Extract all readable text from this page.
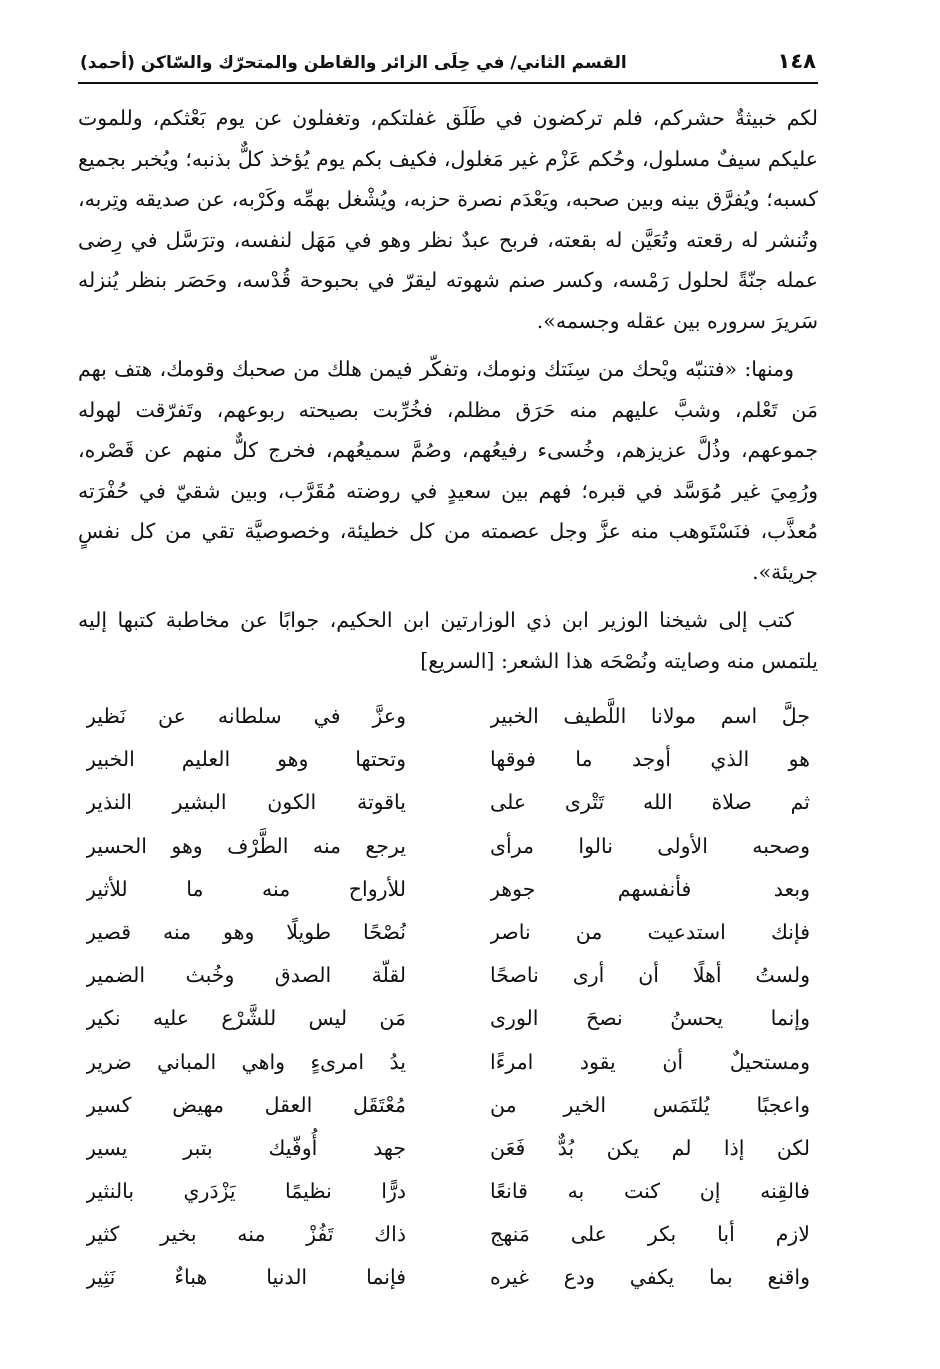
١٤٨
القسم الثاني/ في حِلَى الزائر والقاطن والمتحرّك والسّاكن (أحمد)

لكم خبيثةٌ حشركم، فلم تركضون في طَلَق غفلتكم، وتغفلون عن يوم بَعْثكم، وللموت عليكم سيفٌ مسلول، وحُكم عَزْم غير مَغلول، فكيف بكم يوم يُؤخذ كلٌّ بذنبه؛ ويُخبر بجميع كسبه؛ ويُفرَّق بينه وبين صحبه، ويَعْدَم نصرة حزبه، ويُشْغل بهمِّه وكَرْبه، عن صديقه وتِربه، وتُنشر له رقعته وتُعَيَّن له بقعته، فربح عبدٌ نظر وهو في مَهَل لنفسه، وترَسَّل في رِضى عمله جنّةً لحلول رَمْسه، وكسر صنم شهوته ليقرّ في بحبوحة قُدْسه، وحَصَر بنظر يُنزله سَريرَ سروره بين عقله وجسمه».

ومنها: «فتنبّه ويْحك من سِنَتك ونومك، وتفكّر فيمن هلك من صحبك وقومك، هتف بهم مَن تَعْلم، وشبَّ عليهم منه حَرَق مظلم، فخُرِّبت بصيحته ربوعهم، وتَفرّقت لهوله جموعهم، وذُلَّ عزيزهم، وخُسىء رفيعُهم، وصُمَّ سميعُهم، فخرج كلٌّ منهم عن قَصْره، ورُمِيَ غير مُوَسَّد في قبره؛ فهم بين سعيدٍ في روضته مُقَرَّب، وبين شقيّ في حُفْرَته مُعذَّب، فنَسْتَوهب منه عزَّ وجل عصمته من كل خطيئة، وخصوصيَّة تقي من كل نفسٍ جريئة».

كتب إلى شيخنا الوزير ابن ذي الوزارتين ابن الحكيم، جوابًا عن مخاطبة كتبها إليه يلتمس منه وصايته ونُصْحَه هذا الشعر: [السريع]

جلَّ اسم مولانا اللَّطيف الخبير
وعزَّ في سلطانه عن نَظير
هو الذي أوجد ما فوقها
وتحتها وهو العليم الخبير
ثم صلاة الله تَتْرى على
ياقوتة الكون البشير النذير
وصحبه الأولى نالوا مرأى
يرجع منه الطَّرْف وهو الحسير
وبعد فأنفسهم جوهر
للأرواح منه ما للأثير
فإنك استدعيت من ناصر
نُصْحًا طويلًا وهو منه قصير
ولستُ أهلًا أن أرى ناصحًا
لقلّة الصدق وخُبث الضمير
وإنما يحسنُ نصحَ الورى
مَن ليس للشَّرْع عليه نكير
ومستحيلٌ أن يقود امرءًا
يدُ امرىءٍ واهي المباني ضرير
واعجبًا يُلتَمَس الخير من
مُعْتَقَل العقل مهيض كسير
لكن إذا لم يكن بُدٌّ فَعَن
جهد أُوفّيك بتبر يسير
فالقِنه إن كنت به قانعًا
درًّا نظيمًا يَزْدَري بالنثير
لازم أبا بكر على مَنهج
ذاك تَفُزْ منه بخير كثير
واقنع بما يكفي ودع غيره
فإنما الدنيا هباءٌ نَثِير
